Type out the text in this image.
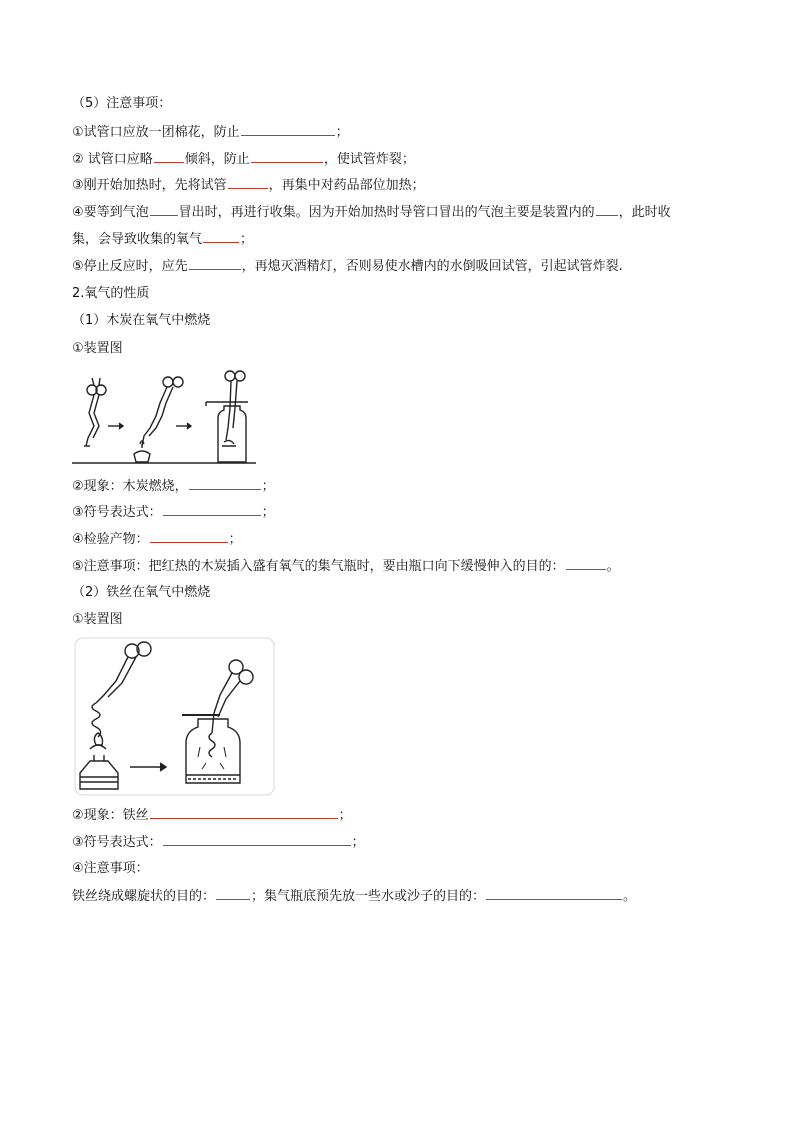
（5）注意事项：
①试管口应放一团棉花，防止	；
② 试管口应略 倾斜，防止	，使试管炸裂；
③刚开始加热时，先将试管	，再集中对药品部位加热；
④要等到气泡 冒出时，再进行收集。因为开始加热时导管口冒出的气泡主要是装置内的 ，此时收
集，会导致收集的氧气	；
⑤停止反应时，应先	，再熄灭酒精灯，否则易使水槽内的水倒吸回试管，引起试管炸裂.
2.氧气的性质
（1）木炭在氧气中燃烧
①装置图
②现象：木炭燃烧，	；
③符号表达式：	；
④检验产物：	；
⑤注意事项：把红热的木炭插入盛有氧气的集气瓶时，要由瓶口向下缓慢伸入的目的：	。
（2）铁丝在氧气中燃烧
①装置图
②现象：铁丝	；
③符号表达式：	；
④注意事项：
铁丝绕成螺旋状的目的：	；集气瓶底预先放一些水或沙子的目的：	。
